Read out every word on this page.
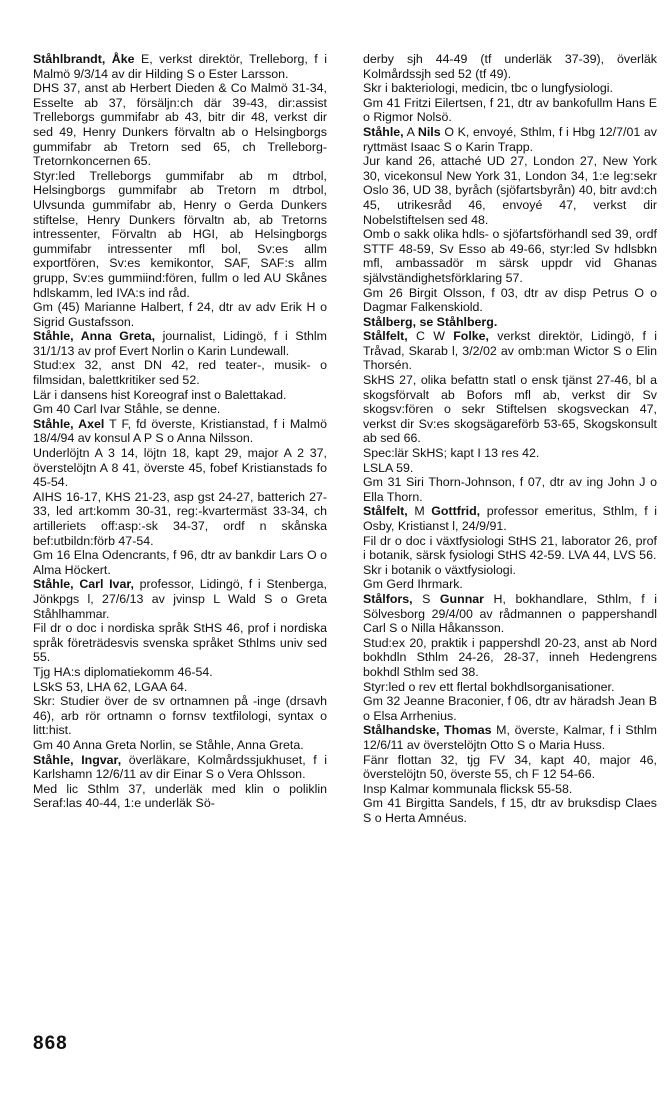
Ståhlbrandt, Åke E, verkst direktör, Trelleborg, f i Malmö 9/3/14 av dir Hilding S o Ester Larsson.

DHS 37, anst ab Herbert Dieden & Co Malmö 31-34, Esselte ab 37, försäljn:ch där 39-43, dir:assist Trelleborgs gummifabr ab 43, bitr dir 48, verkst dir sed 49, Henry Dunkers förvaltn ab o Helsingborgs gummifabr ab Tretorn sed 65, ch Trelleborg-Tretornkoncernen 65.

Styr:led Trelleborgs gummifabr ab m dtrbol, Helsingborgs gummifabr ab Tretorn m dtrbol, Ulvsunda gummifabr ab, Henry o Gerda Dunkers stiftelse, Henry Dunkers förvaltn ab, ab Tretorns intressenter, Förvaltn ab HGI, ab Helsingborgs gummifabr intressenter mfl bol, Sv:es allm exportfören, Sv:es kemikontor, SAF, SAF:s allm grupp, Sv:es gummiind:fören, fullm o led AU Skånes hdlskamm, led IVA:s ind råd.

Gm (45) Marianne Halbert, f 24, dtr av adv Erik H o Sigrid Gustafsson.

Ståhle, Anna Greta, journalist, Lidingö, f i Sthlm 31/1/13 av prof Evert Norlin o Karin Lundewall.

Stud:ex 32, anst DN 42, red teater-, musik- o filmsidan, balettkritiker sed 52.

Lär i dansens hist Koreograf inst o Balettakad.

Gm 40 Carl Ivar Ståhle, se denne.

Ståhle, Axel T F, fd överste, Kristianstad, f i Malmö 18/4/94 av konsul A P S o Anna Nilsson.

Underlöjtn A 3 14, löjtn 18, kapt 29, major A 2 37, överstelöjtn A 8 41, överste 45, fobef Kristianstads fo 45-54.

AIHS 16-17, KHS 21-23, asp gst 24-27, batterich 27-33, led art:komm 30-31, reg:-kvartermäst 33-34, ch artilleriets off:asp:-sk 34-37, ordf n skånska bef:utbildn:förb 47-54.

Gm 16 Elna Odencrants, f 96, dtr av bankdir Lars O o Alma Höckert.

Ståhle, Carl Ivar, professor, Lidingö, f i Stenberga, Jönkpgs l, 27/6/13 av jvinsp L Wald S o Greta Ståhlhammar.

Fil dr o doc i nordiska språk StHS 46, prof i nordiska språk företrädesvis svenska språket Sthlms univ sed 55.

Tjg HA:s diplomatiekomm 46-54.

LSkS 53, LHA 62, LGAA 64.

Skr: Studier över de sv ortnamnen på -inge (drsavh 46), arb rör ortnamn o fornsv textfilologi, syntax o litt:hist.

Gm 40 Anna Greta Norlin, se Ståhle, Anna Greta.

Ståhle, Ingvar, överläkare, Kolmårdssjukhuset, f i Karlshamn 12/6/11 av dir Einar S o Vera Ohlsson.

Med lic Sthlm 37, underläk med klin o poliklin Seraf:las 40-44, 1:e underläk Sö-

derby sjh 44-49 (tf underläk 37-39), överläk Kolmårdssjh sed 52 (tf 49).

Skr i bakteriologi, medicin, tbc o lungfysiologi.

Gm 41 Fritzi Eilertsen, f 21, dtr av bankofullm Hans E o Rigmor Nolsö.

Ståhle, A Nils O K, envoyé, Sthlm, f i Hbg 12/7/01 av ryttmäst Isaac S o Karin Trapp.

Jur kand 26, attaché UD 27, London 27, New York 30, vicekonsul New York 31, London 34, 1:e leg:sekr Oslo 36, UD 38, byråch (sjöfartsbyrån) 40, bitr avd:ch 45, utrikesråd 46, envoyé 47, verkst dir Nobelstiftelsen sed 48.

Omb o sakk olika hdls- o sjöfartsförhandl sed 39, ordf STTF 48-59, Sv Esso ab 49-66, styr:led Sv hdlsbkn mfl, ambassadör m särsk uppdr vid Ghanas självständighetsförklaring 57.

Gm 26 Birgit Olsson, f 03, dtr av disp Petrus O o Dagmar Falkenskiold.

Stålberg, se Ståhlberg.

Stålfelt, C W Folke, verkst direktör, Lidingö, f i Tråvad, Skarab l, 3/2/02 av omb:man Wictor S o Elin Thorsén.

SkHS 27, olika befattn statl o ensk tjänst 27-46, bl a skogsförvalt ab Bofors mfl ab, verkst dir Sv skogsv:fören o sekr Stiftelsen skogsveckan 47, verkst dir Sv:es skogsägareförb 53-65, Skogskonsult ab sed 66.

Spec:lär SkHS; kapt I 13 res 42.

LSLA 59.

Gm 31 Siri Thorn-Johnson, f 07, dtr av ing John J o Ella Thorn.

Stålfelt, M Gottfrid, professor emeritus, Sthlm, f i Osby, Kristianst l, 24/9/91.

Fil dr o doc i växtfysiologi StHS 21, laborator 26, prof i botanik, särsk fysiologi StHS 42-59. LVA 44, LVS 56.

Skr i botanik o växtfysiologi.

Gm Gerd Ihrmark.

Stålfors, S Gunnar H, bokhandlare, Sthlm, f i Sölvesborg 29/4/00 av rådmannen o pappershandl Carl S o Nilla Håkansson.

Stud:ex 20, praktik i pappershdl 20-23, anst ab Nord bokhdln Sthlm 24-26, 28-37, inneh Hedengrens bokhdl Sthlm sed 38.

Styr:led o rev ett flertal bokhdlsorganisationer.

Gm 32 Jeanne Braconier, f 06, dtr av häradsh Jean B o Elsa Arrhenius.

Stålhandske, Thomas M, överste, Kalmar, f i Sthlm 12/6/11 av överstelöjtn Otto S o Maria Huss.

Fänr flottan 32, tjg FV 34, kapt 40, major 46, överstelöjtn 50, överste 55, ch F 12 54-66.

Insp Kalmar kommunala flicksk 55-58.

Gm 41 Birgitta Sandels, f 15, dtr av bruksdisp Claes S o Herta Amnéus.

868
